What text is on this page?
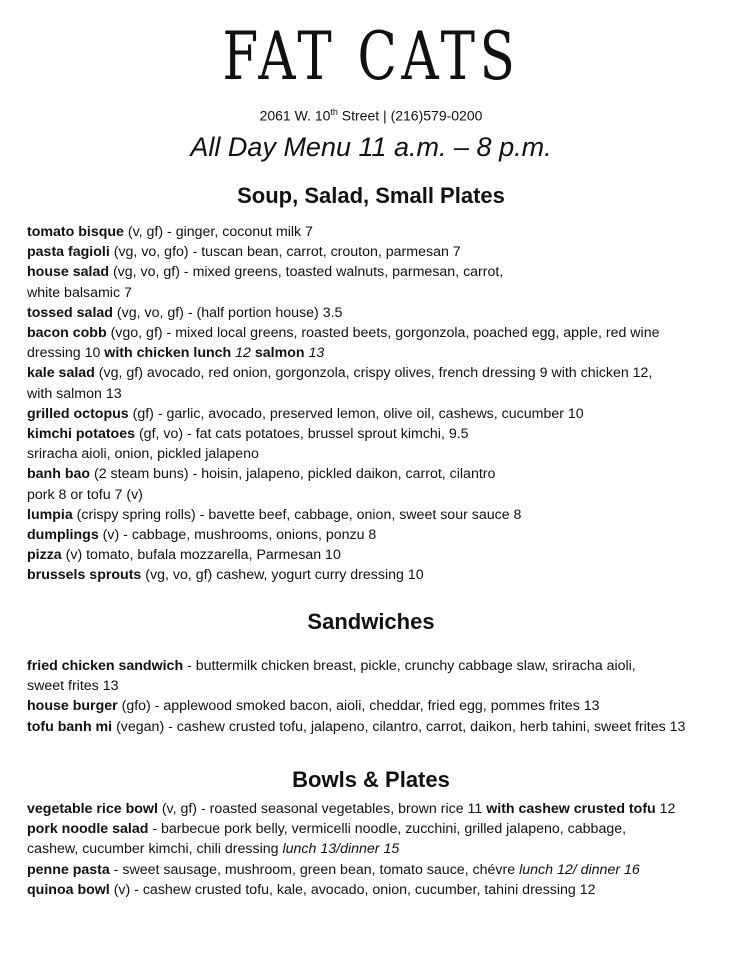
FAT CATS
2061 W. 10th Street | (216)579-0200
All Day Menu 11 a.m. – 8 p.m.
Soup, Salad, Small Plates

tomato bisque (v, gf) - ginger, coconut milk 7

pasta fagioli (vg, vo, gfo) - tuscan bean, carrot, crouton, parmesan 7

house salad (vg, vo, gf) - mixed greens, toasted walnuts, parmesan, carrot,
white balsamic 7

tossed salad (vg, vo, gf) - (half portion house) 3.5

bacon cobb (vgo, gf) - mixed local greens, roasted beets, gorgonzola, poached egg, apple, red wine
dressing 10 with chicken lunch 12 salmon 13

kale salad (vg, gf) avocado, red onion, gorgonzola, crispy olives, french dressing 9 with chicken 12,
with salmon 13

grilled octopus (gf) - garlic, avocado, preserved lemon, olive oil, cashews, cucumber 10

kimchi potatoes (gf, vo) - fat cats potatoes, brussel sprout kimchi, 9.5
sriracha aioli, onion, pickled jalapeno

banh bao (2 steam buns) - hoisin, jalapeno, pickled daikon, carrot, cilantro
pork 8 or tofu 7 (v)

lumpia (crispy spring rolls) - bavette beef, cabbage, onion, sweet sour sauce 8

dumplings (v) - cabbage, mushrooms, onions, ponzu 8

pizza (v) tomato, bufala mozzarella, Parmesan 10

brussels sprouts (vg, vo, gf) cashew, yogurt curry dressing 10

Sandwiches

fried chicken sandwich - buttermilk chicken breast, pickle, crunchy cabbage slaw, sriracha aioli,
sweet frites 13

house burger (gfo) - applewood smoked bacon, aioli, cheddar, fried egg, pommes frites 13

tofu banh mi (vegan) - cashew crusted tofu, jalapeno, cilantro, carrot, daikon, herb tahini, sweet frites 13

Bowls & Plates

vegetable rice bowl (v, gf) - roasted seasonal vegetables, brown rice 11 with cashew crusted tofu 12

pork noodle salad - barbecue pork belly, vermicelli noodle, zucchini, grilled jalapeno, cabbage,
cashew, cucumber kimchi, chili dressing lunch 13/dinner 15

penne pasta - sweet sausage, mushroom, green bean, tomato sauce, chévre lunch 12/ dinner 16

quinoa bowl (v) - cashew crusted tofu, kale, avocado, onion, cucumber, tahini dressing 12
